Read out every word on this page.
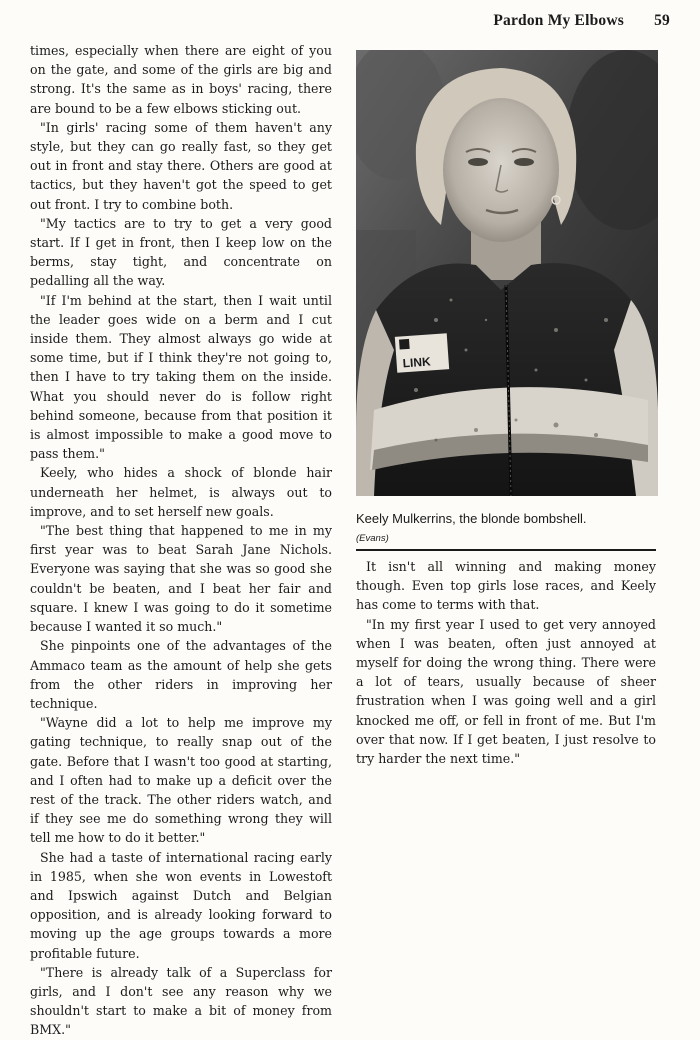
Pardon My Elbows 59

times, especially when there are eight of you on the gate, and some of the girls are big and strong. It's the same as in boys' racing, there are bound to be a few elbows sticking out.

"In girls' racing some of them haven't any style, but they can go really fast, so they get out in front and stay there. Others are good at tactics, but they haven't got the speed to get out front. I try to combine both.

"My tactics are to try to get a very good start. If I get in front, then I keep low on the berms, stay tight, and concentrate on pedalling all the way.

"If I'm behind at the start, then I wait until the leader goes wide on a berm and I cut inside them. They almost always go wide at some time, but if I think they're not going to, then I have to try taking them on the inside. What you should never do is follow right behind someone, because from that position it is almost impossible to make a good move to pass them."

Keely, who hides a shock of blonde hair underneath her helmet, is always out to improve, and to set herself new goals.

"The best thing that happened to me in my first year was to beat Sarah Jane Nichols. Everyone was saying that she was so good she couldn't be beaten, and I beat her fair and square. I knew I was going to do it sometime because I wanted it so much."

She pinpoints one of the advantages of the Ammaco team as the amount of help she gets from the other riders in improving her technique.

"Wayne did a lot to help me improve my gating technique, to really snap out of the gate. Before that I wasn't too good at starting, and I often had to make up a deficit over the rest of the track. The other riders watch, and if they see me do something wrong they will tell me how to do it better."

She had a taste of international racing early in 1985, when she won events in Lowestoft and Ipswich against Dutch and Belgian opposition, and is already looking forward to moving up the age groups towards a more profitable future.

"There is already talk of a Superclass for girls, and I don't see any reason why we shouldn't start to make a bit of money from BMX."

LINK
Keely Mulkerrins, the blonde bombshell.
(Evans)

It isn't all winning and making money though. Even top girls lose races, and Keely has come to terms with that.

"In my first year I used to get very annoyed when I was beaten, often just annoyed at myself for doing the wrong thing. There were a lot of tears, usually because of sheer frustration when I was going well and a girl knocked me off, or fell in front of me. But I'm over that now. If I get beaten, I just resolve to try harder the next time."
